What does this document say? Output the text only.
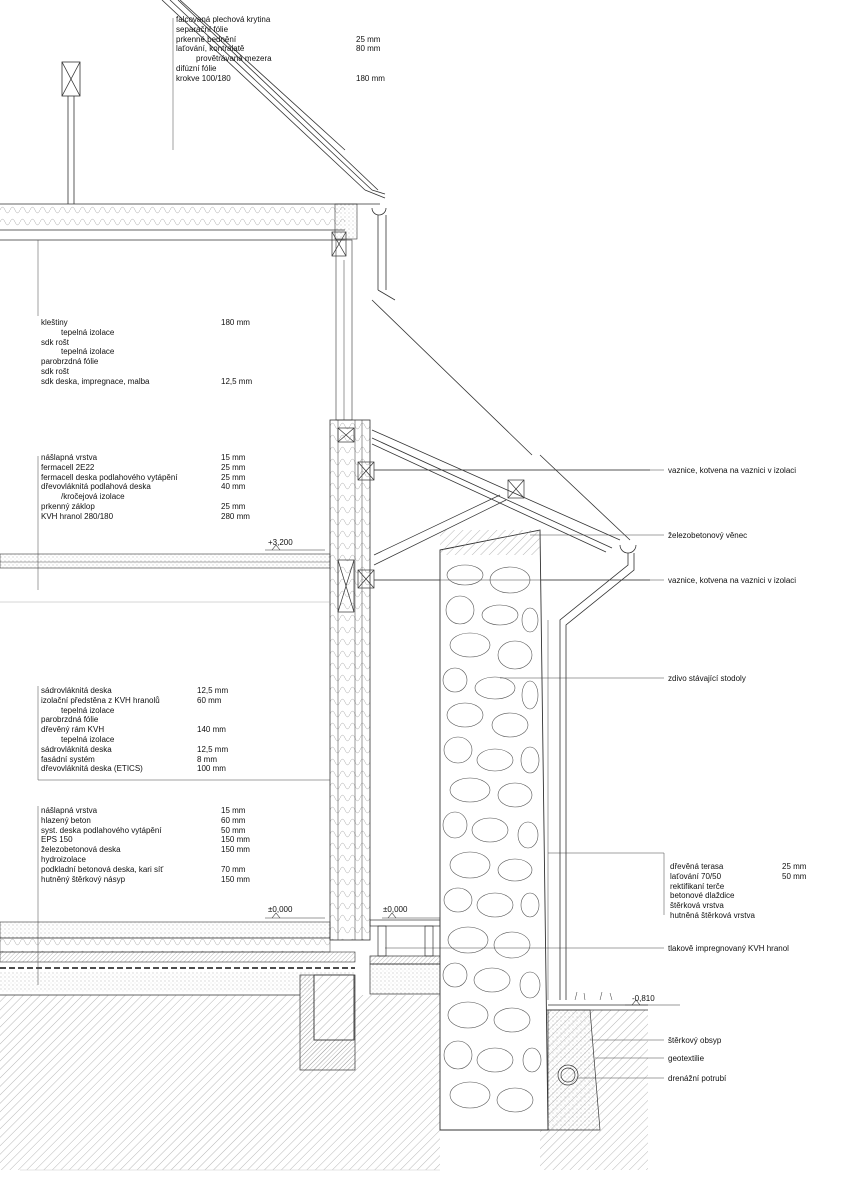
falcovaná plechová krytina
separační fólie
prkenné bednění	25 mm
laťování, kontralatě	80 mm
provětrávaná mezera
difúzní fólie
krokve 100/180	180 mm
kleštiny	180 mm
tepelná izolace
sdk rošt
tepelná izolace
parobrzdná fólie
sdk rošt
sdk deska, impregnace, malba	12,5 mm
nášlapná vrstva	15 mm
fermacell 2E22	25 mm
fermacell deska podlahového vytápění	25 mm
dřevovláknitá podlahová deska	40 mm
/kročejová izolace
prkenný záklop	25 mm
KVH hranol 280/180	280 mm
sádrovláknitá deska	12,5 mm
izolační předstěna z KVH hranolů	60 mm
tepelná izolace
parobrzdná fólie
dřevěný rám KVH	140 mm
tepelná izolace
sádrovláknitá deska	12,5 mm
fasádní systém	8 mm
dřevovláknitá deska (ETICS)	100 mm
nášlapná vrstva	15 mm
hlazený beton	60 mm
syst. deska podlahového vytápění	50 mm
EPS 150	150 mm
železobetonová deska	150 mm
hydroizolace
podkladní betonová deska, kari síť	70 mm
hutněný štěrkový násyp	150 mm
dřevěná terasa	25 mm
laťování 70/50	50 mm
rektifikaní terče
betonové dlaždice
štěrková vrstva
hutněná štěrková vrstva
vaznice, kotvena na vaznici v izolaci
železobetonový věnec
vaznice, kotvena na vaznici v izolaci
zdivo stávající stodoly
tlakově impregnovaný KVH hranol
štěrkový obsyp
geotextilie
drenážní potrubí
+3,200
±0,000	±0,000
-0,810
